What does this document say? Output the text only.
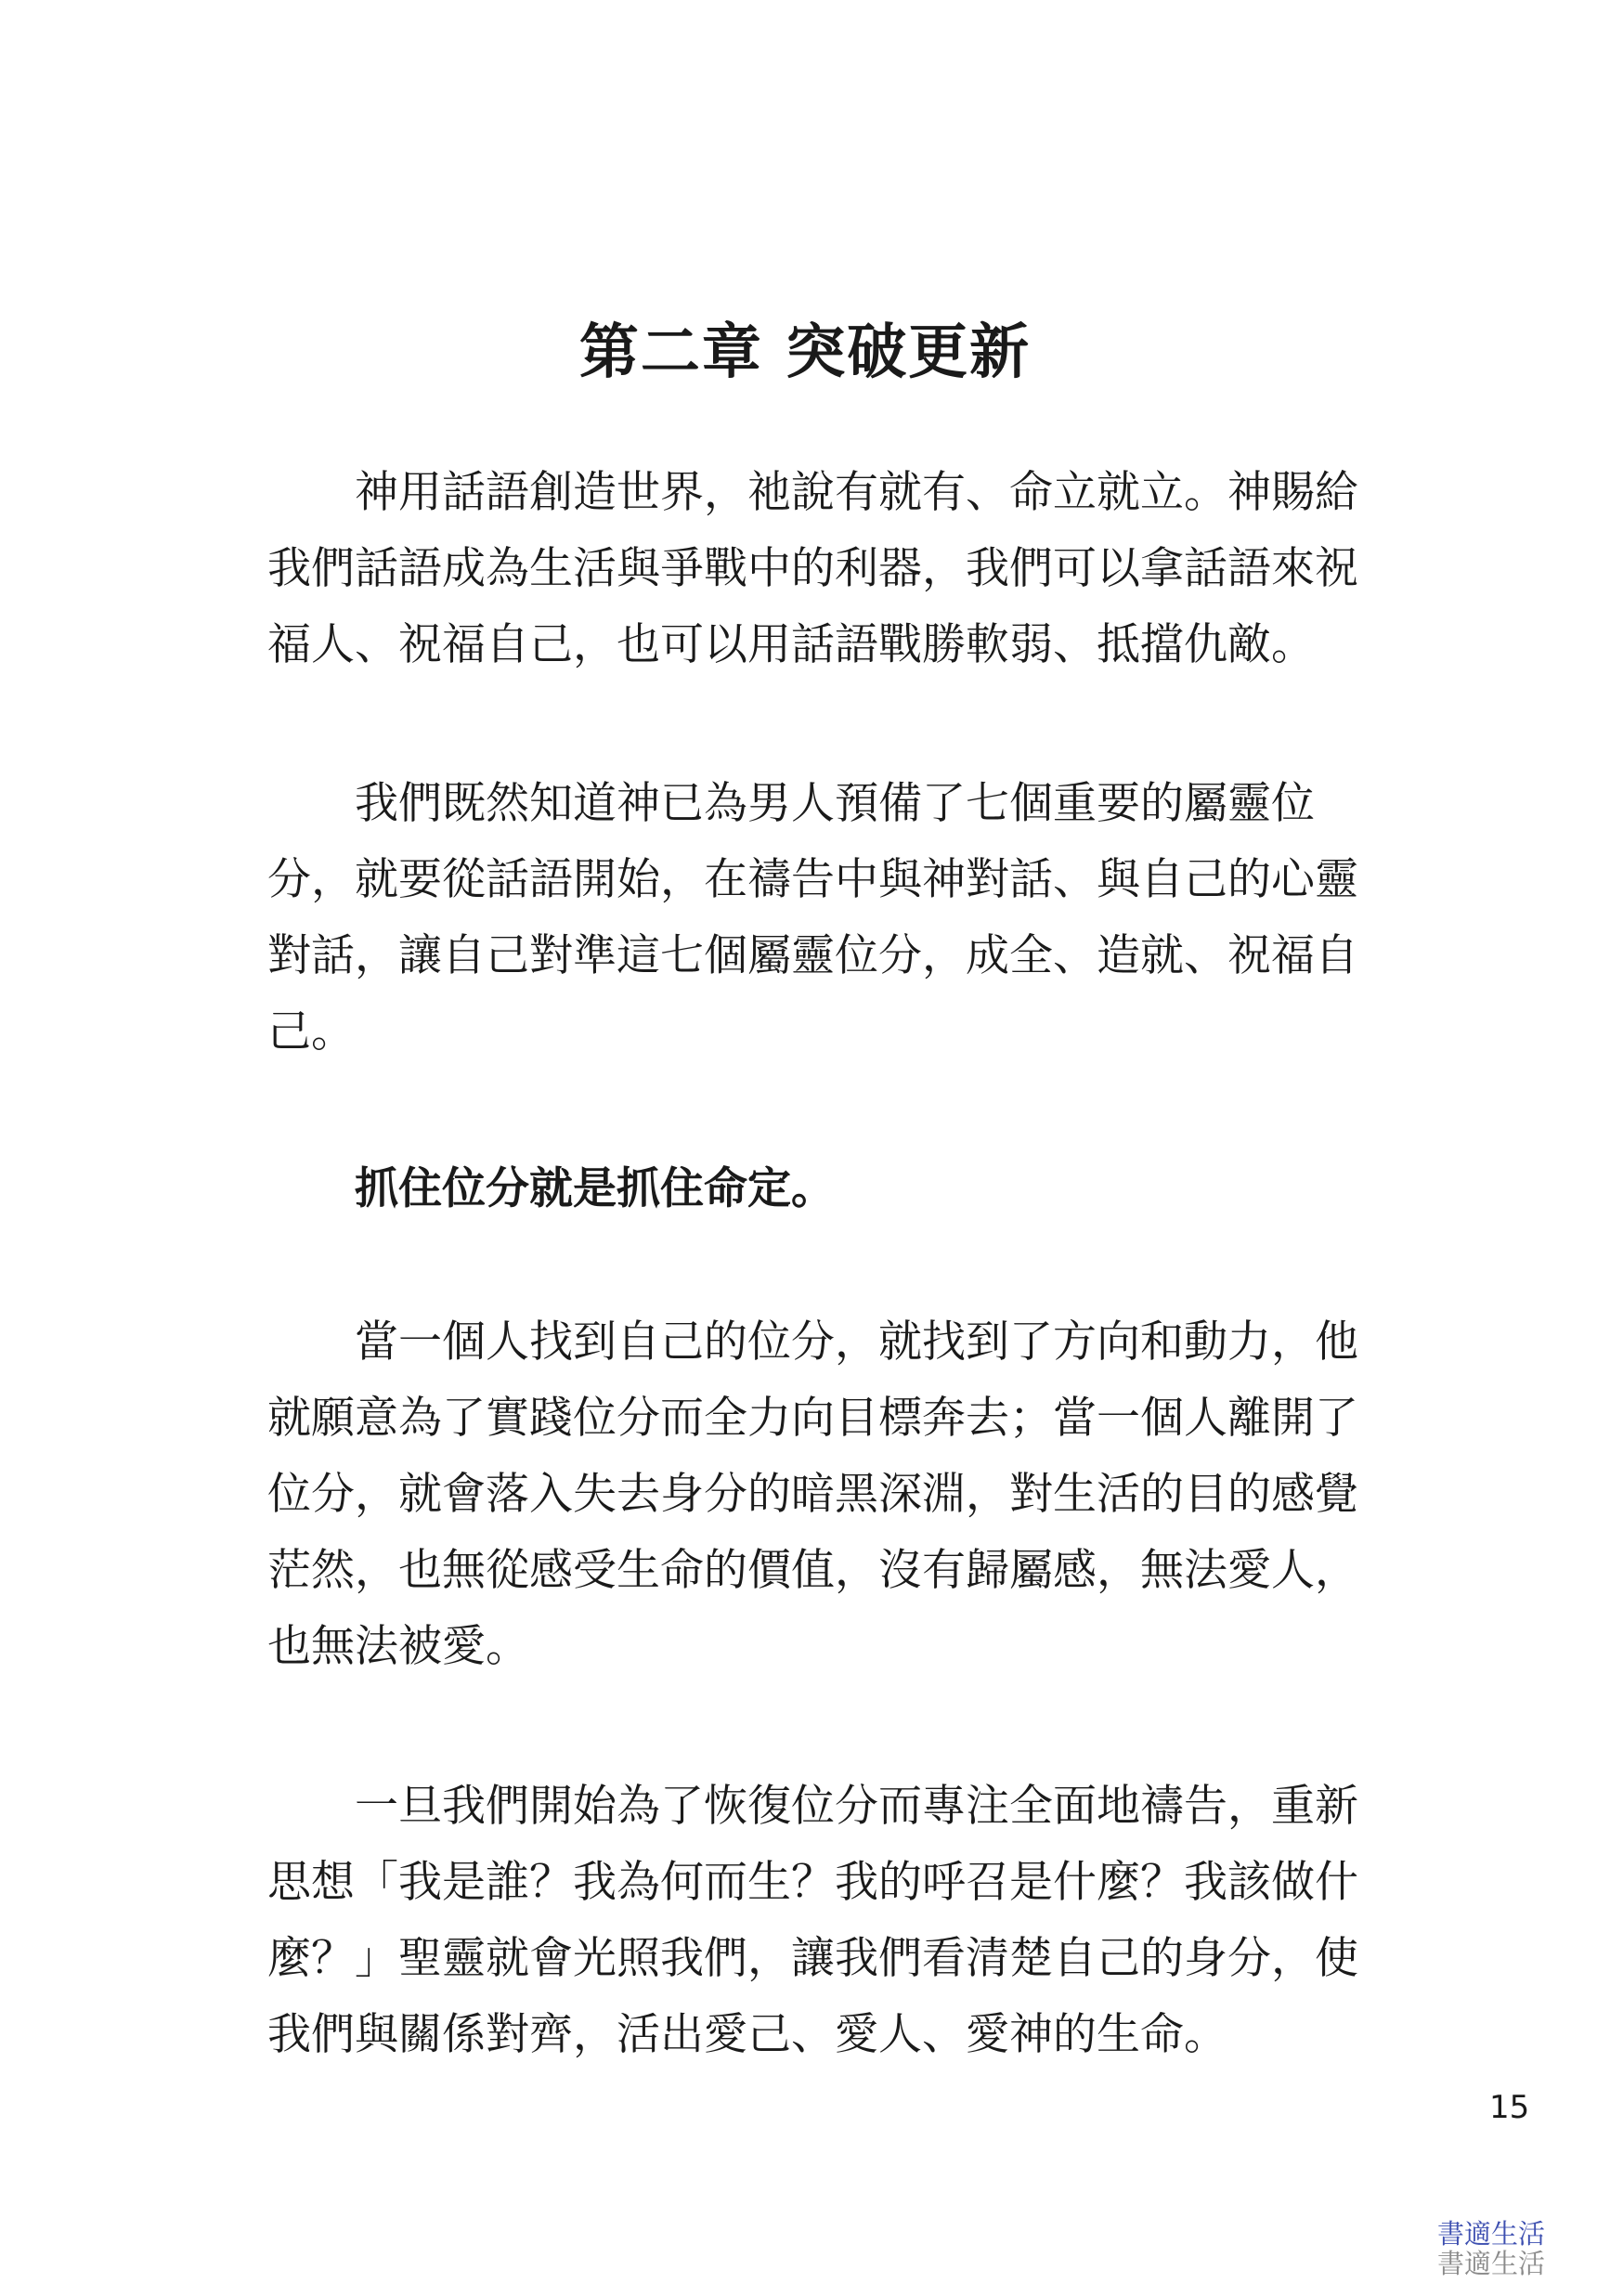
第二章 突破更新
神用話語創造世界，祂說有就有、命立就立。神賜給
我們話語成為生活與爭戰中的利器，我們可以拿話語來祝
福人、祝福自己，也可以用話語戰勝軟弱、抵擋仇敵。
我們既然知道神已為男人預備了七個重要的屬靈位
分，就要從話語開始，在禱告中與神對話、與自己的心靈
對話，讓自己對準這七個屬靈位分，成全、造就、祝福自
己。

抓住位分就是抓住命定。

當一個人找到自己的位分，就找到了方向和動力，他
就願意為了實踐位分而全力向目標奔去；當一個人離開了
位分，就會落入失去身分的暗黑深淵，對生活的目的感覺
茫然，也無從感受生命的價值，沒有歸屬感，無法愛人，
也無法被愛。
一旦我們開始為了恢復位分而專注全面地禱告，重新
思想「我是誰？我為何而生？我的呼召是什麼？我該做什
麼？」聖靈就會光照我們，讓我們看清楚自己的身分，使
我們與關係對齊，活出愛己、愛人、愛神的生命。
15
書適生活
書適生活
